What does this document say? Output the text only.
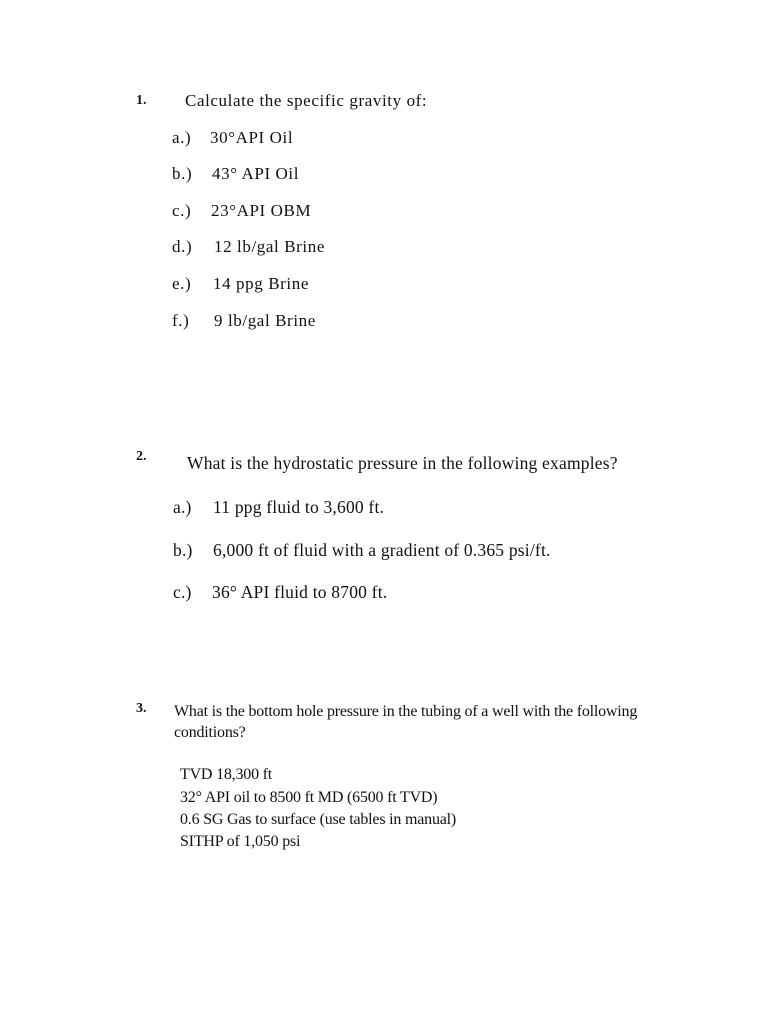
1. Calculate the specific gravity of:
a.) 30°API Oil
b.) 43° API Oil
c.) 23°API OBM
d.) 12 lb/gal Brine
e.) 14 ppg Brine
f.) 9 lb/gal Brine
2. What is the hydrostatic pressure in the following examples?
a.) 11 ppg fluid to 3,600 ft.
b.) 6,000 ft of fluid with a gradient of 0.365 psi/ft.
c.) 36° API fluid to 8700 ft.
3. What is the bottom hole pressure in the tubing of a well with the following
conditions?
TVD 18,300 ft
32° API oil to 8500 ft MD (6500 ft TVD)
0.6 SG Gas to surface (use tables in manual)
SITHP of 1,050 psi
